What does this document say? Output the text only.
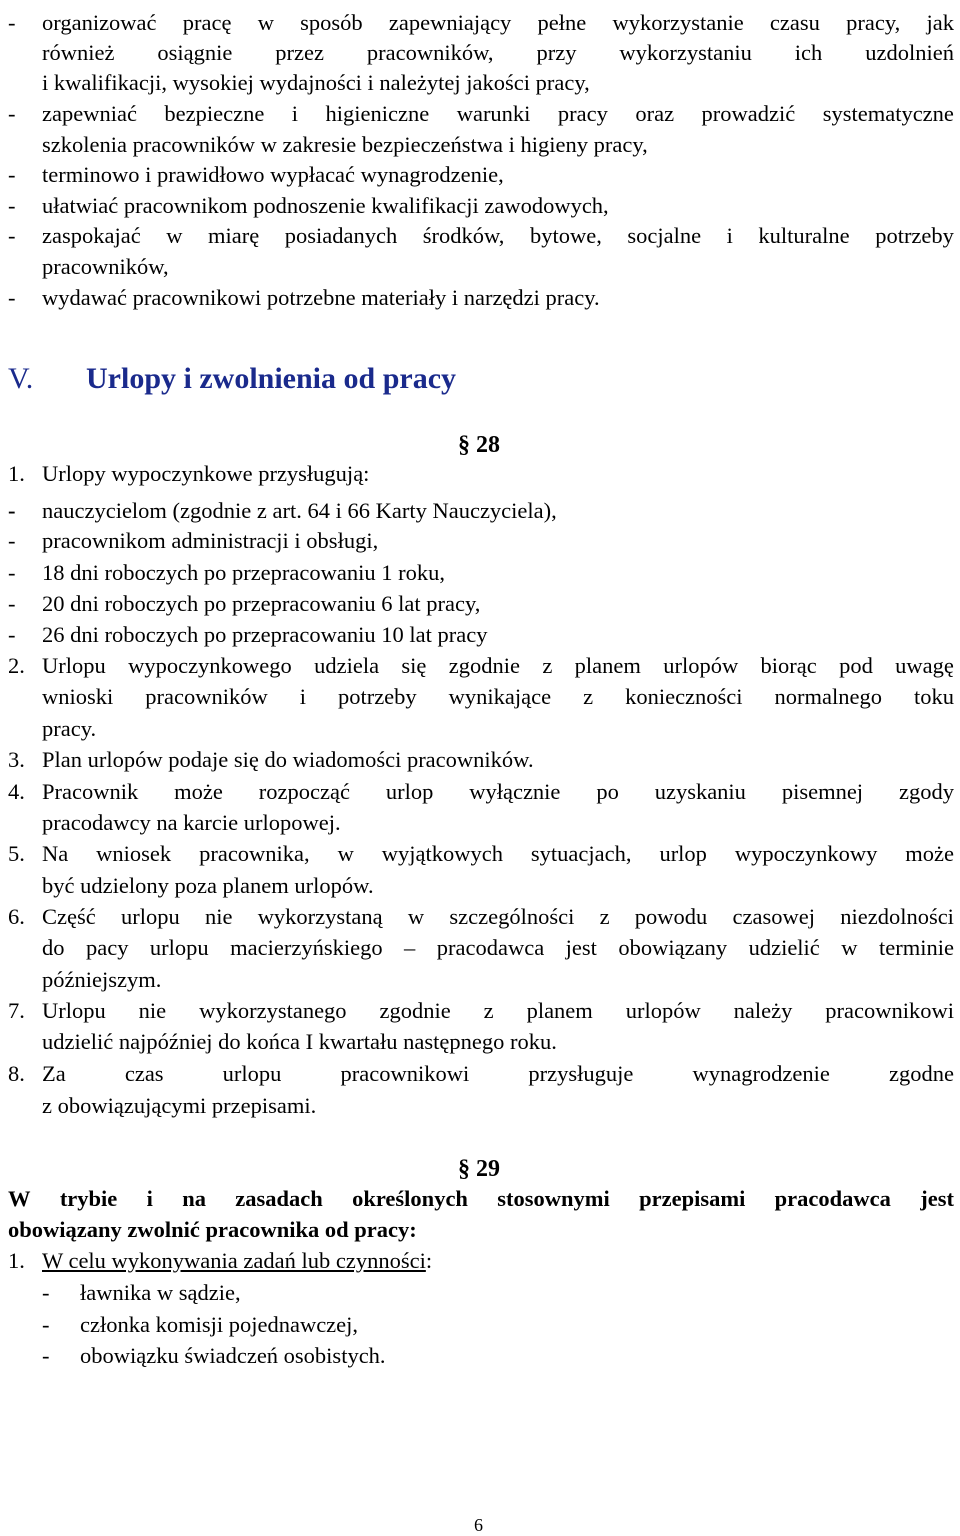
- organizować pracę w sposób zapewniający pełne wykorzystanie czasu pracy, jak
również osiągnie przez pracowników, przy wykorzystaniu ich uzdolnień
i kwalifikacji, wysokiej wydajności i należytej jakości pracy,
- zapewniać bezpieczne i higieniczne warunki pracy oraz prowadzić systematyczne
szkolenia pracowników w zakresie bezpieczeństwa i higieny pracy,
- terminowo i prawidłowo wypłacać wynagrodzenie,
- ułatwiać pracownikom podnoszenie kwalifikacji zawodowych,
- zaspokajać w miarę posiadanych środków, bytowe, socjalne i kulturalne potrzeby
pracowników,
- wydawać pracownikowi potrzebne materiały i narzędzi pracy.
V. Urlopy i zwolnienia od pracy
§ 28
1. Urlopy wypoczynkowe przysługują:
- nauczycielom (zgodnie z art. 64 i 66 Karty Nauczyciela),
- pracownikom administracji i obsługi,
- 18 dni roboczych po przepracowaniu 1 roku,
- 20 dni roboczych po przepracowaniu 6 lat pracy,
- 26 dni roboczych po przepracowaniu 10 lat pracy
2. Urlopu wypoczynkowego udziela się zgodnie z planem urlopów biorąc pod uwagę
wnioski pracowników i potrzeby wynikające z konieczności normalnego toku
pracy.
3. Plan urlopów podaje się do wiadomości pracowników.
4. Pracownik może rozpocząć urlop wyłącznie po uzyskaniu pisemnej zgody
pracodawcy na karcie urlopowej.
5. Na wniosek pracownika, w wyjątkowych sytuacjach, urlop wypoczynkowy może
być udzielony poza planem urlopów.
6. Część urlopu nie wykorzystaną w szczególności z powodu czasowej niezdolności
do pacy urlopu macierzyńskiego – pracodawca jest obowiązany udzielić w terminie
późniejszym.
7. Urlopu nie wykorzystanego zgodnie z planem urlopów należy pracownikowi
udzielić najpóźniej do końca I kwartału następnego roku.
8. Za	czas	urlopu	pracownikowi	przysługuje	wynagrodzenie	zgodne
z obowiązującymi przepisami.
§ 29
W trybie i na zasadach określonych stosownymi przepisami pracodawca jest
obowiązany zwolnić pracownika od pracy:
1. W celu wykonywania zadań lub czynności:
- ławnika w sądzie,
- członka komisji pojednawczej,
- obowiązku świadczeń osobistych.
6
